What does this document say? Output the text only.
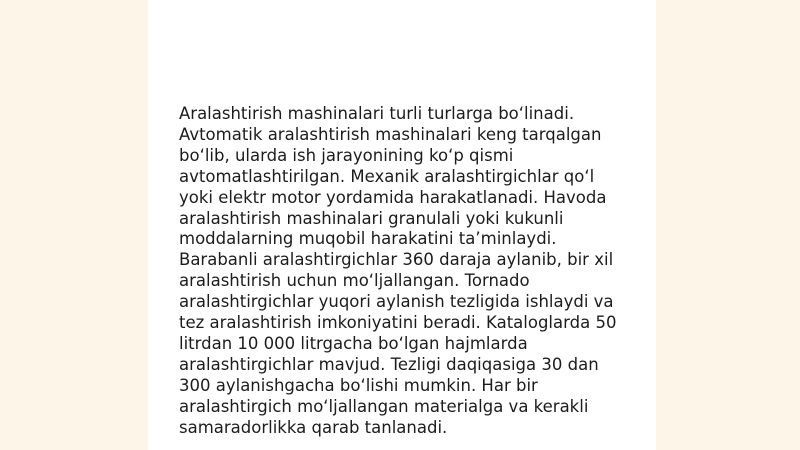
Aralashtirish mashinalari turli turlarga bo‘linadi.
Avtomatik aralashtirish mashinalari keng tarqalgan
bo‘lib, ularda ish jarayonining ko‘p qismi
avtomatlashtirilgan. Mexanik aralashtirgichlar qo‘l
yoki elektr motor yordamida harakatlanadi. Havoda
aralashtirish mashinalari granulali yoki kukunli
moddalarning muqobil harakatini ta’minlaydi.
Barabanli aralashtirgichlar 360 daraja aylanib, bir xil
aralashtirish uchun mo‘ljallangan. Tornado
aralashtirgichlar yuqori aylanish tezligida ishlaydi va
tez aralashtirish imkoniyatini beradi. Kataloglarda 50
litrdan 10 000 litrgacha bo‘lgan hajmlarda
aralashtirgichlar mavjud. Tezligi daqiqasiga 30 dan
300 aylanishgacha bo‘lishi mumkin. Har bir
aralashtirgich mo‘ljallangan materialga va kerakli
samaradorlikka qarab tanlanadi.
